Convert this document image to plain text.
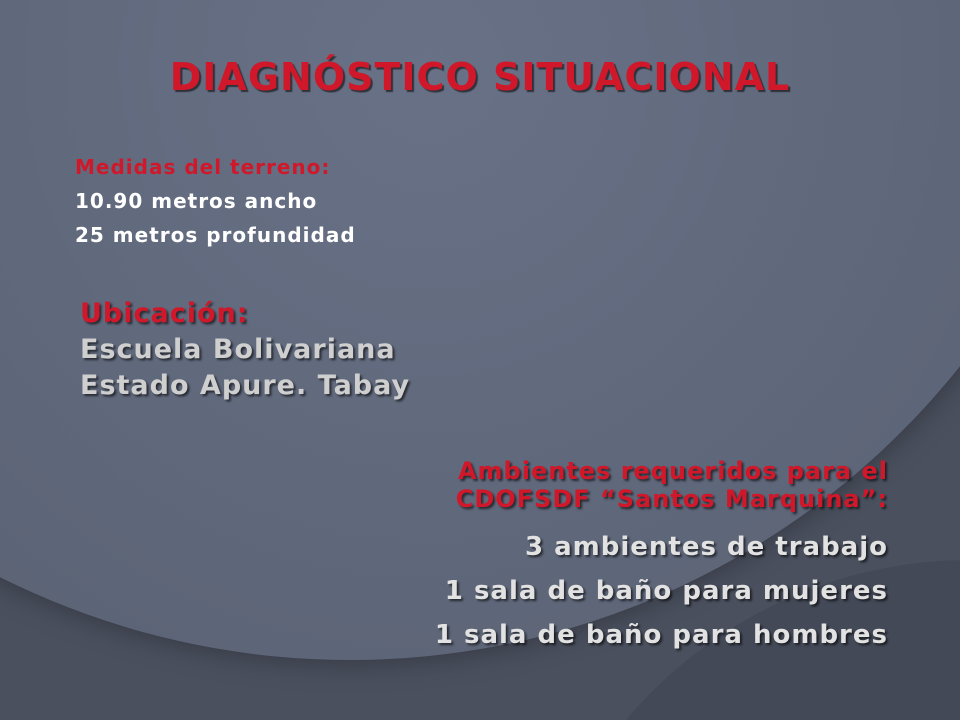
DIAGNÓSTICO SITUACIONAL
Medidas del terreno:
10.90 metros ancho
25 metros profundidad
Ubicación:
Escuela Bolivariana
Estado Apure. Tabay
Ambientes requeridos para el
CDOFSDF “Santos Marquina”:
3 ambientes de trabajo
1 sala de baño para mujeres
1 sala de baño para hombres
